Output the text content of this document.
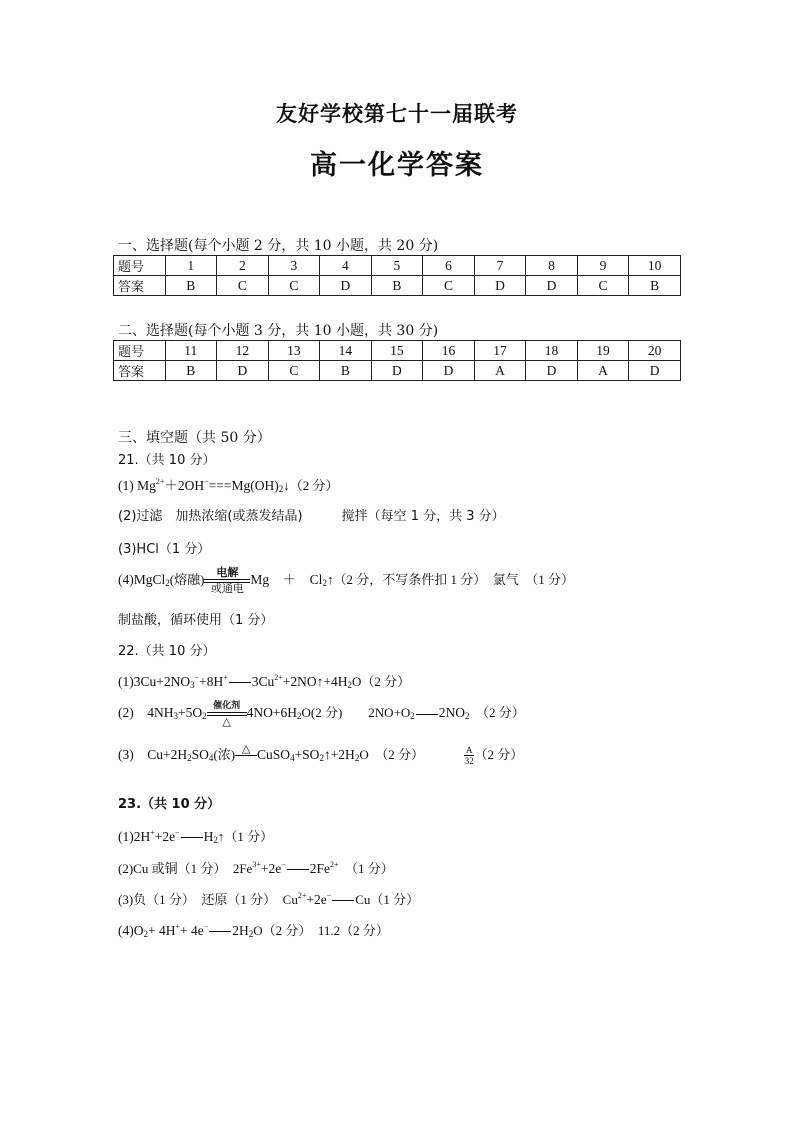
友好学校第七十一届联考
高一化学答案
一、选择题(每个小题 2 分，共 10 小题，共 20 分)
题号	1	2	3	4	5	6	7	8	9	10
答案	B	C	C	D	B	C	D	D	C	B
二、选择题(每个小题 3 分，共 10 小题，共 30 分)
题号	11	12	13	14	15	16	17	18	19	20
答案	B	D	C	B	D	D	A	D	A	D
三、填空题（共 50 分）
21.（共 10 分）
(1) $Mg^{2+}+2OH^-===Mg(OH)_2↓(2$ 分）
(2)过滤　加热浓缩(或蒸发结晶)　　　搅拌（每空 1 分，共 3 分）
(3)HCl（1 分）
(4)MgCl$_2$(熔融)	电解
或通电
Mg　＋　$Cl_2↑(2$ 分，不写条件扣 1 分）　氯气　（1 分）
制盐酸，循环使用（1 分）
22.（共 10 分）
$(1)3Cu+2NO_3^-+8H^+$ $3Cu^{2+}+2NO↑+4H_2O(2$ 分）
(2)　$4NH_3+5O_2$
催化剂
△
$4NO+6H_2O(2$ 分)　　$2NO+O_2$ $2NO_2$　（2 分）
(3)　$Cu+2H_2SO_4$(浓) △
$CuSO_4+SO_2↑+2H_2O$　（2 分）	$\frac{A}{32} (2$ 分）
23.（共 10 分）
(1)2H++2e− $H_2↑(1$ 分）
(2)Cu 或铜（1 分）　$2Fe^{3+}+2e^-$ $2Fe^{2+}$　（1 分）
(3)负（1 分）　还原（1 分）　$Cu^{2+}+2e^-$ Cu（1 分）
$(4)O_2+ 4H^++ 4e^-$ $2H_2O(2$ 分）　11.2（2 分）
